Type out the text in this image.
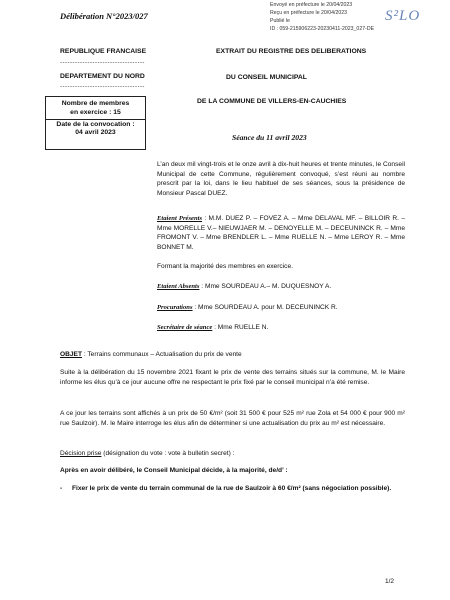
Envoyé en préfecture le 20/04/2023
Reçu en préfecture le 20/04/2023
Publié le
ID : 059-215906223-20230411-2023_027-DE
S²LO
Délibération N°2023/027
REPUBLIQUE FRANCAISE
----------------------------------
DEPARTEMENT DU NORD
----------------------------------
EXTRAIT DU REGISTRE DES DELIBERATIONS
DU CONSEIL MUNICIPAL
DE LA COMMUNE DE VILLERS-EN-CAUCHIES
Nombre de membres
en exercice : 15
Date de la convocation :
04 avril 2023
Séance du 11 avril 2023
L’an deux mil vingt-trois et le onze avril à dix-huit heures et trente minutes, le Conseil Municipal de cette Commune, régulièrement convoqué, s’est réuni au nombre prescrit par la loi, dans le lieu habituel de ses séances, sous la présidence de Monsieur Pascal DUEZ.
Etaient Présents : M.M. DUEZ P. – FOVEZ A. – Mme DELAVAL MF. – BILLOIR R. – Mme MORELLE V.– NIEUWJAER M. – DENOYELLE M. – DECEUNINCK R. – Mme FROMONT V. – Mme BRENDLER L. – Mme RUELLE N. – Mme LEROY R. – Mme BONNET M.
Formant la majorité des membres en exercice.
Etaient Absents : Mme SOURDEAU A.– M. DUQUESNOY A.
Procurations : Mme SOURDEAU A. pour M. DECEUNINCK R.
Secrétaire de séance : Mme RUELLE N.
OBJET : Terrains communaux – Actualisation du prix de vente
Suite à la délibération du 15 novembre 2021 fixant le prix de vente des terrains situés sur la commune, M. le Maire informe les élus qu’à ce jour aucune offre ne respectant le prix fixé par le conseil municipal n’a été remise.
A ce jour les terrains sont affichés à un prix de 50 €/m² (soit 31 500 € pour 525 m² rue Zola et 54 000 € pour 900 m² rue Saulzoir). M. le Maire interroge les élus afin de déterminer si une actualisation du prix au m² est nécessaire.
Décision prise (désignation du vote : vote à bulletin secret) :
Après en avoir délibéré, le Conseil Municipal décide, à la majorité, de/d’ :
-	Fixer le prix de vente du terrain communal de la rue de Saulzoir à 60 €/m² (sans négociation possible).
1/2
